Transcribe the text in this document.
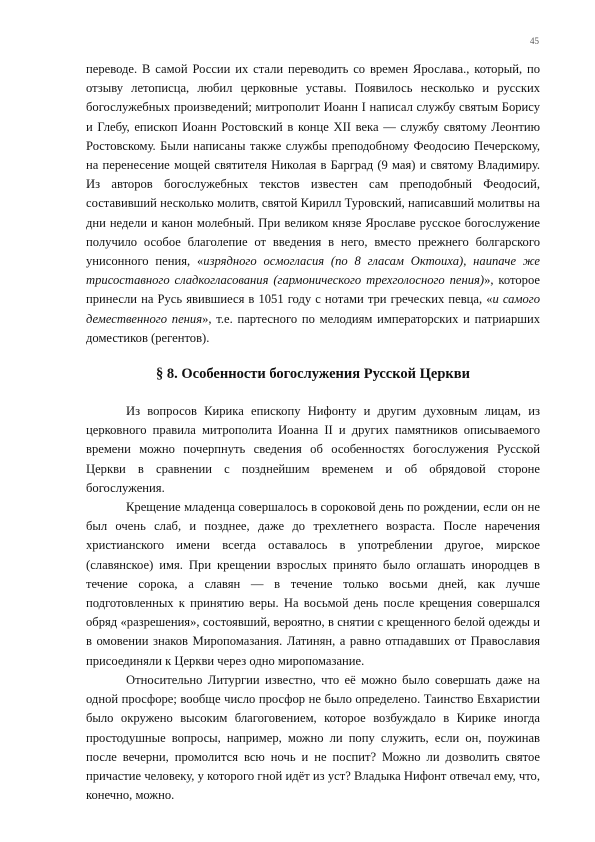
45

переводе. В самой России их стали переводить со времен Ярослава., который, по отзыву летописца, любил церковные уставы. Появилось несколько и русских богослужебных произведений; митрополит Иоанн I написал службу святым Борису и Глебу, епископ Иоанн Ростовский в конце XII века — службу святому Леонтию Ростовскому. Были написаны также службы преподобному Феодосию Печерскому, на перенесение мощей святителя Николая в Барград (9 мая) и святому Владимиру. Из авторов богослужебных текстов известен сам преподобный Феодосий, составивший несколько молитв, святой Кирилл Туровский, написавший молитвы на дни недели и канон молебный. При великом князе Ярославе русское богослужение получило особое благолепие от введения в него, вместо прежнего болгарского унисонного пения, «изрядного осмогласия (по 8 гласам Октоиха), наипаче же трисоставного сладкогласования (гармонического трехголосного пения)», которое принесли на Русь явившиеся в 1051 году с нотами три греческих певца, «и самого демественного пения», т.е. партесного по мелодиям императорских и патриарших доместиков (регентов).

§ 8. Особенности богослужения Русской Церкви

Из вопросов Кирика епископу Нифонту и другим духовным лицам, из церковного правила митрополита Иоанна II и других памятников описываемого времени можно почерпнуть сведения об особенностях богослужения Русской Церкви в сравнении с позднейшим временем и об обрядовой стороне богослужения.

Крещение младенца совершалось в сороковой день по рождении, если он не был очень слаб, и позднее, даже до трехлетнего возраста. После наречения христианского имени всегда оставалось в употреблении другое, мирское (славянское) имя. При крещении взрослых принято было оглашать инородцев в течение сорока, а славян — в течение только восьми дней, как лучше подготовленных к принятию веры. На восьмой день после крещения совершался обряд «разрешения», состоявший, вероятно, в снятии с крещенного белой одежды и в омовении знаков Миропомазания. Латинян, а равно отпадавших от Православия присоединяли к Церкви через одно миропомазание.

Относительно Литургии известно, что её можно было совершать даже на одной просфоре; вообще число просфор не было определено. Таинство Евхаристии было окружено высоким благоговением, которое возбуждало в Кирике иногда простодушные вопросы, например, можно ли попу служить, если он, поужинав после вечерни, промолится всю ночь и не поспит? Можно ли дозволить святое причастие человеку, у которого гной идёт из уст? Владыка Нифонт отвечал ему, что, конечно, можно.
